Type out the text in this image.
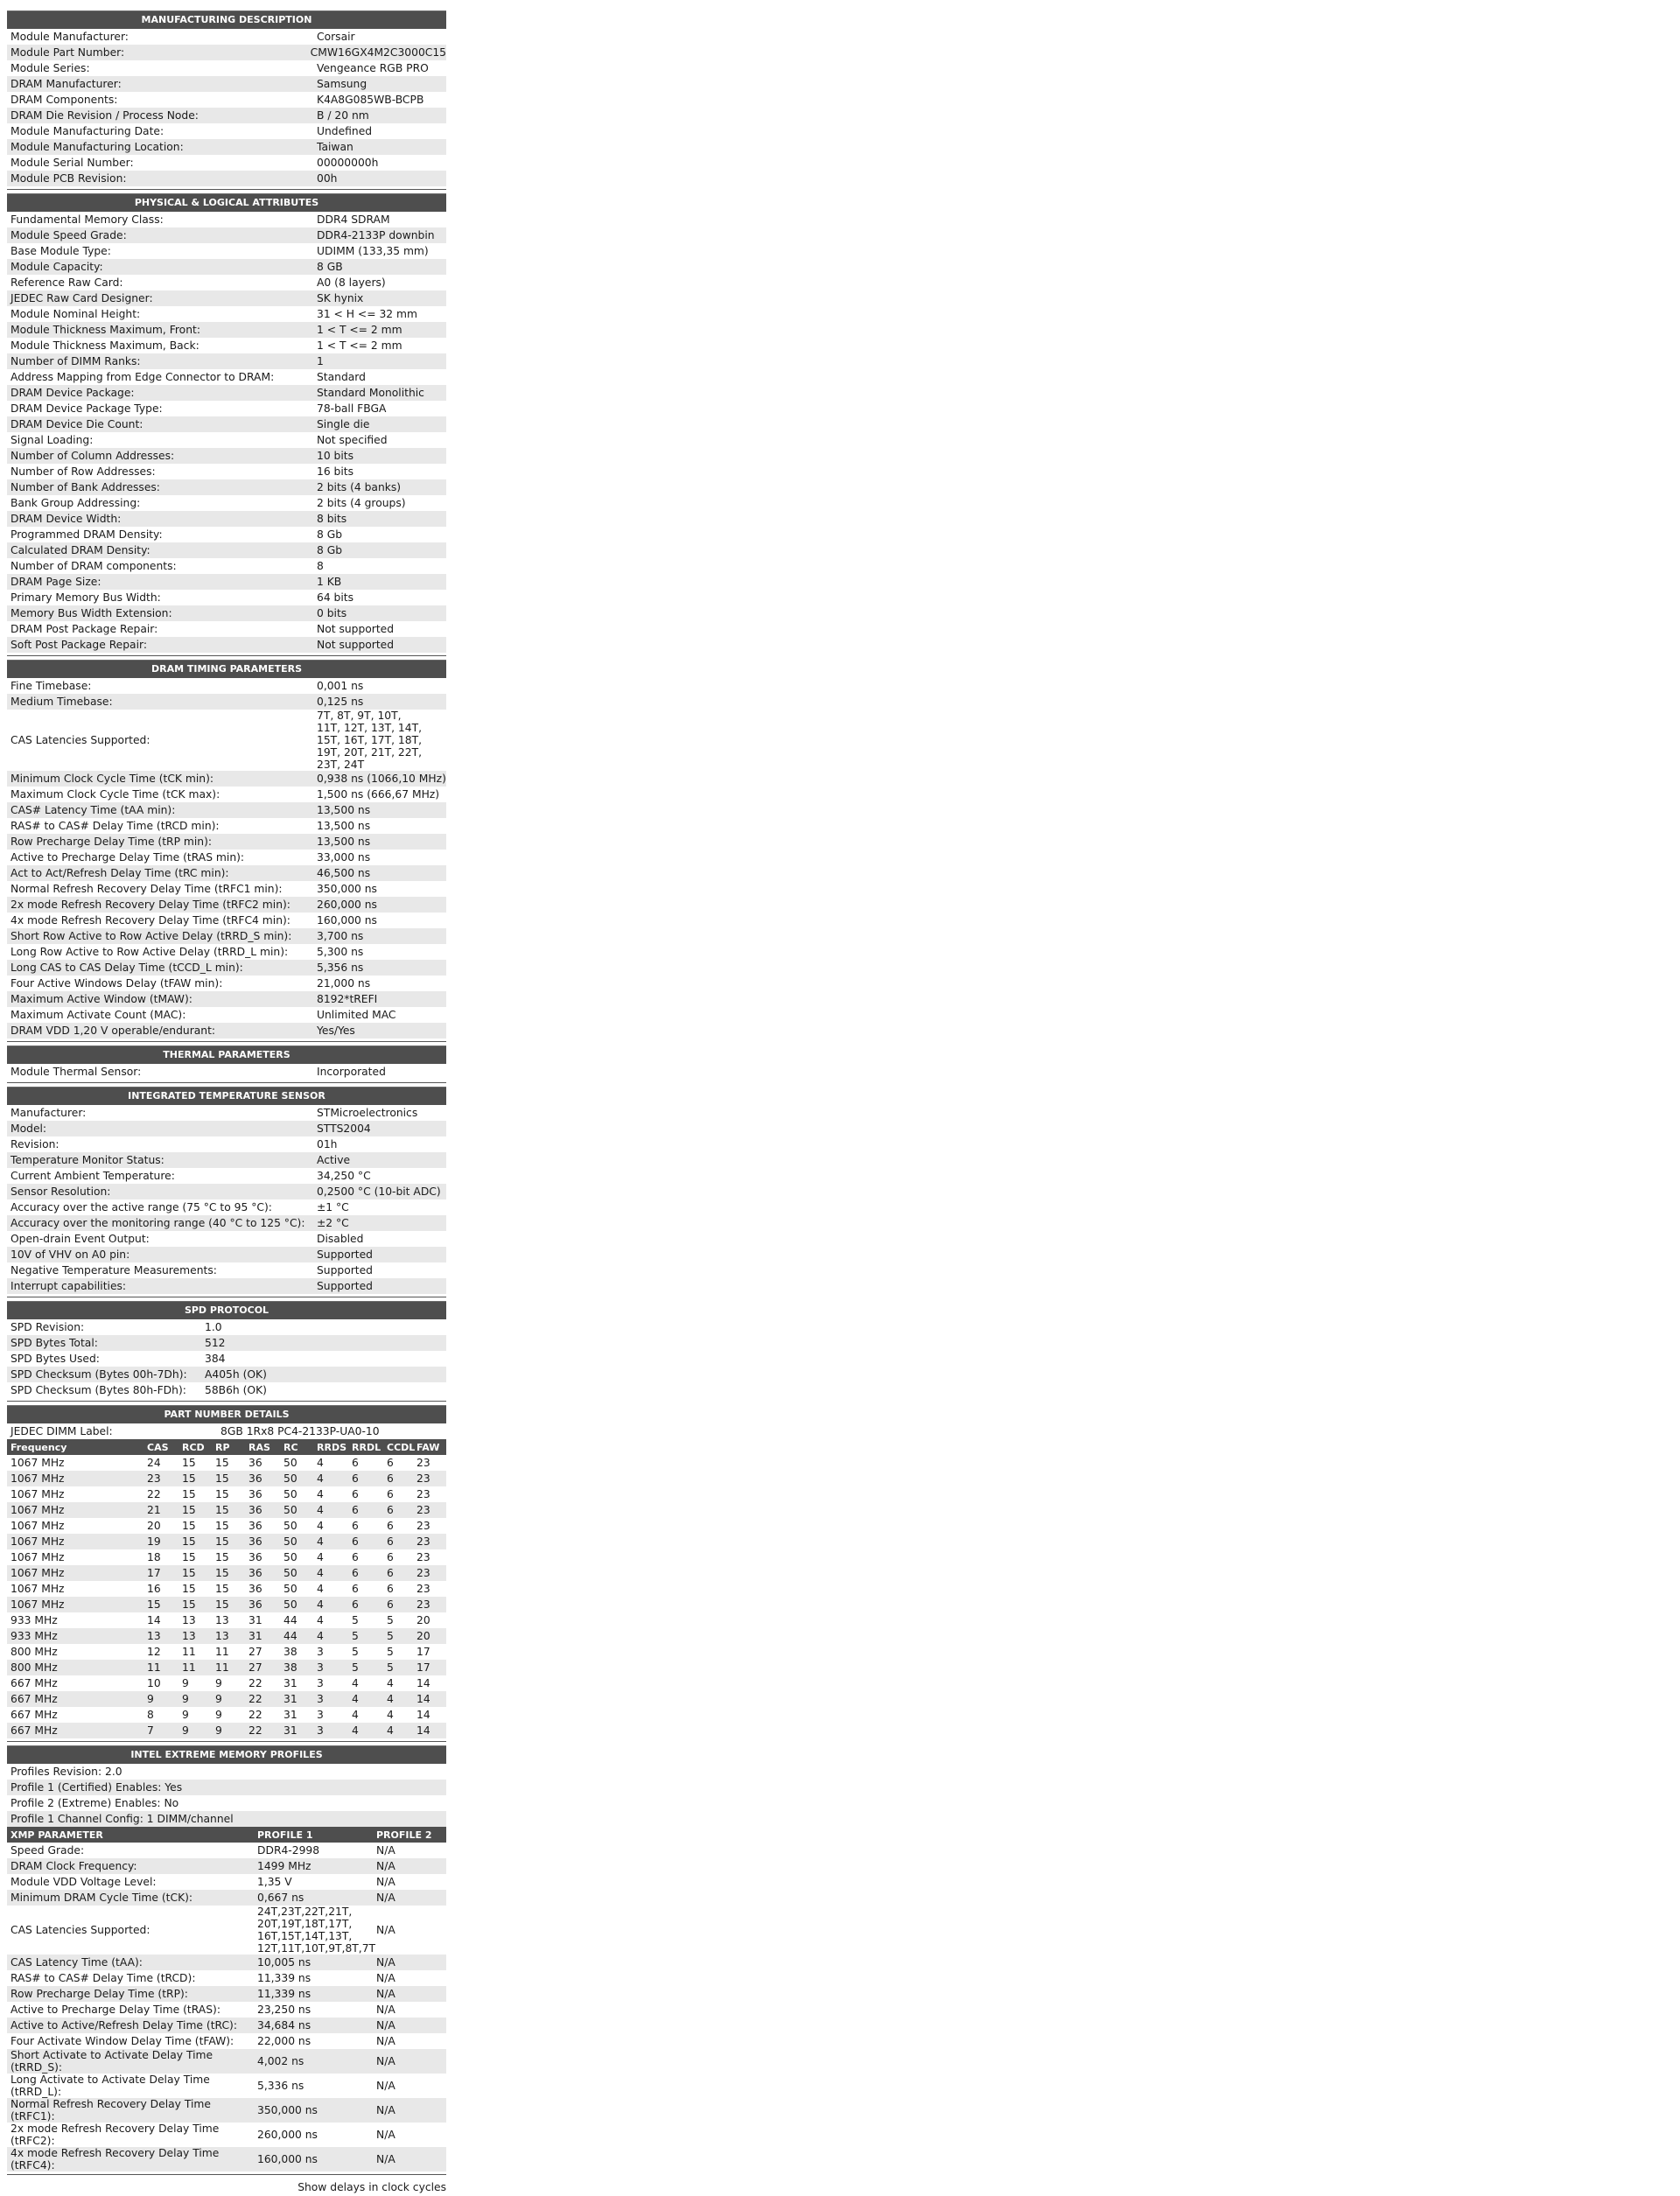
MANUFACTURING DESCRIPTION
Module Manufacturer:	Corsair
Module Part Number:	CMW16GX4M2C3000C15
Module Series:	Vengeance RGB PRO
DRAM Manufacturer:	Samsung
DRAM Components:	K4A8G085WB-BCPB
DRAM Die Revision / Process Node:	B / 20 nm
Module Manufacturing Date:	Undefined
Module Manufacturing Location:	Taiwan
Module Serial Number:	00000000h
Module PCB Revision:	00h
PHYSICAL & LOGICAL ATTRIBUTES
Fundamental Memory Class:	DDR4 SDRAM
Module Speed Grade:	DDR4-2133P downbin
Base Module Type:	UDIMM (133,35 mm)
Module Capacity:	8 GB
Reference Raw Card:	A0 (8 layers)
JEDEC Raw Card Designer:	SK hynix
Module Nominal Height:	31 < H <= 32 mm
Module Thickness Maximum, Front:	1 < T <= 2 mm
Module Thickness Maximum, Back:	1 < T <= 2 mm
Number of DIMM Ranks:	1
Address Mapping from Edge Connector to DRAM:	Standard
DRAM Device Package:	Standard Monolithic
DRAM Device Package Type:	78-ball FBGA
DRAM Device Die Count:	Single die
Signal Loading:	Not specified
Number of Column Addresses:	10 bits
Number of Row Addresses:	16 bits
Number of Bank Addresses:	2 bits (4 banks)
Bank Group Addressing:	2 bits (4 groups)
DRAM Device Width:	8 bits
Programmed DRAM Density:	8 Gb
Calculated DRAM Density:	8 Gb
Number of DRAM components:	8
DRAM Page Size:	1 KB
Primary Memory Bus Width:	64 bits
Memory Bus Width Extension:	0 bits
DRAM Post Package Repair:	Not supported
Soft Post Package Repair:	Not supported
DRAM TIMING PARAMETERS
Fine Timebase:	0,001 ns
Medium Timebase:	0,125 ns
CAS Latencies Supported:
7T, 8T, 9T, 10T,
11T, 12T, 13T, 14T,
15T, 16T, 17T, 18T,
19T, 20T, 21T, 22T,
23T, 24T
Minimum Clock Cycle Time (tCK min):	0,938 ns (1066,10 MHz)
Maximum Clock Cycle Time (tCK max):	1,500 ns (666,67 MHz)
CAS# Latency Time (tAA min):	13,500 ns
RAS# to CAS# Delay Time (tRCD min):	13,500 ns
Row Precharge Delay Time (tRP min):	13,500 ns
Active to Precharge Delay Time (tRAS min):	33,000 ns
Act to Act/Refresh Delay Time (tRC min):	46,500 ns
Normal Refresh Recovery Delay Time (tRFC1 min):	350,000 ns
2x mode Refresh Recovery Delay Time (tRFC2 min):	260,000 ns
4x mode Refresh Recovery Delay Time (tRFC4 min):	160,000 ns
Short Row Active to Row Active Delay (tRRD_S min):	3,700 ns
Long Row Active to Row Active Delay (tRRD_L min):	5,300 ns
Long CAS to CAS Delay Time (tCCD_L min):	5,356 ns
Four Active Windows Delay (tFAW min):	21,000 ns
Maximum Active Window (tMAW):	8192*tREFI
Maximum Activate Count (MAC):	Unlimited MAC
DRAM VDD 1,20 V operable/endurant:	Yes/Yes
THERMAL PARAMETERS
Module Thermal Sensor:	Incorporated
INTEGRATED TEMPERATURE SENSOR
Manufacturer:	STMicroelectronics
Model:	STTS2004
Revision:	01h
Temperature Monitor Status:	Active
Current Ambient Temperature:	34,250 °C
Sensor Resolution:	0,2500 °C (10-bit ADC)
Accuracy over the active range (75 °C to 95 °C):	±1 °C
Accuracy over the monitoring range (40 °C to 125 °C):	±2 °C
Open-drain Event Output:	Disabled
10V of VHV on A0 pin:	Supported
Negative Temperature Measurements:	Supported
Interrupt capabilities:	Supported
SPD PROTOCOL
SPD Revision:	1.0
SPD Bytes Total:	512
SPD Bytes Used:	384
SPD Checksum (Bytes 00h-7Dh):	A405h (OK)
SPD Checksum (Bytes 80h-FDh):	58B6h (OK)
PART NUMBER DETAILS
JEDEC DIMM Label:	8GB 1Rx8 PC4-2133P-UA0-10
Frequency	CAS	RCD	RP	RAS	RC	RRDS RRDL CCDL FAW
1067 MHz	24	15	15	36	50	4	6	6	23
1067 MHz	23	15	15	36	50	4	6	6	23
1067 MHz	22	15	15	36	50	4	6	6	23
1067 MHz	21	15	15	36	50	4	6	6	23
1067 MHz	20	15	15	36	50	4	6	6	23
1067 MHz	19	15	15	36	50	4	6	6	23
1067 MHz	18	15	15	36	50	4	6	6	23
1067 MHz	17	15	15	36	50	4	6	6	23
1067 MHz	16	15	15	36	50	4	6	6	23
1067 MHz	15	15	15	36	50	4	6	6	23
933 MHz	14	13	13	31	44	4	5	5	20
933 MHz	13	13	13	31	44	4	5	5	20
800 MHz	12	11	11	27	38	3	5	5	17
800 MHz	11	11	11	27	38	3	5	5	17
667 MHz	10	9	9	22	31	3	4	4	14
667 MHz	9	9	9	22	31	3	4	4	14
667 MHz	8	9	9	22	31	3	4	4	14
667 MHz	7	9	9	22	31	3	4	4	14
INTEL EXTREME MEMORY PROFILES
Profiles Revision: 2.0
Profile 1 (Certified) Enables: Yes
Profile 2 (Extreme) Enables: No
Profile 1 Channel Config: 1 DIMM/channel
XMP PARAMETER	PROFILE 1	PROFILE 2
Speed Grade:	DDR4-2998	N/A
DRAM Clock Frequency:	1499 MHz	N/A
Module VDD Voltage Level:	1,35 V	N/A
Minimum DRAM Cycle Time (tCK):	0,667 ns	N/A
CAS Latencies Supported:
24T,23T,22T,21T,
20T,19T,18T,17T,
16T,15T,14T,13T,
12T,11T,10T,9T,8T,7T
N/A
CAS Latency Time (tAA):	10,005 ns	N/A
RAS# to CAS# Delay Time (tRCD):	11,339 ns	N/A
Row Precharge Delay Time (tRP):	11,339 ns	N/A
Active to Precharge Delay Time (tRAS):	23,250 ns	N/A
Active to Active/Refresh Delay Time (tRC):	34,684 ns	N/A
Four Activate Window Delay Time (tFAW):	22,000 ns	N/A
Short Activate to Activate Delay Time
(tRRD_S):	4,002 ns	N/A
Long Activate to Activate Delay Time (tRRD_L):	5,336 ns	N/A
Normal Refresh Recovery Delay Time (tRFC1):	350,000 ns	N/A
2x mode Refresh Recovery Delay Time
(tRFC2):	260,000 ns	N/A
4x mode Refresh Recovery Delay Time
(tRFC4):	160,000 ns	N/A
Show delays in clock cycles
